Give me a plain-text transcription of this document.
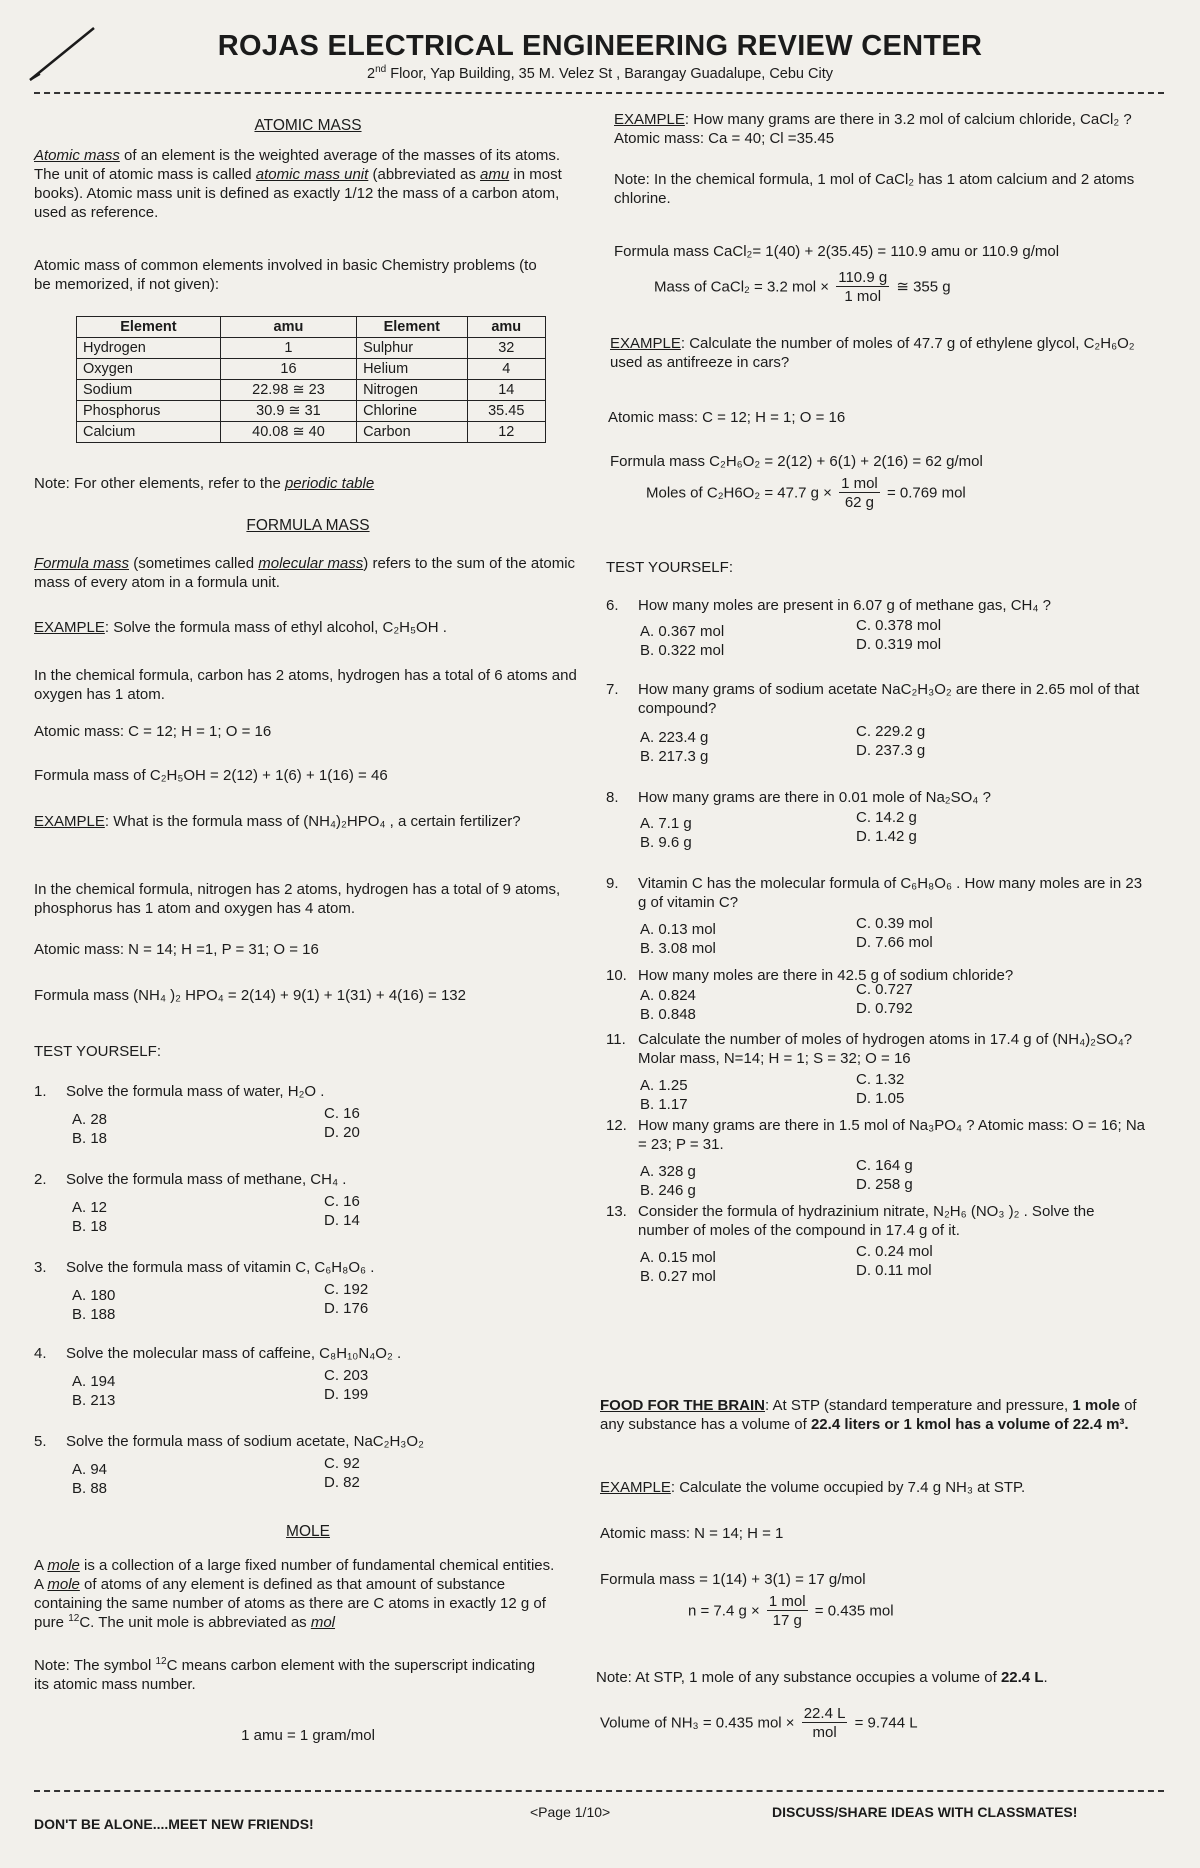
ROJAS ELECTRICAL ENGINEERING REVIEW CENTER
2nd Floor, Yap Building, 35 M. Velez St , Barangay Guadalupe, Cebu City
ATOMIC MASS
Atomic mass of an element is the weighted average of the masses of its atoms. The unit of atomic mass is called atomic mass unit (abbreviated as amu in most books). Atomic mass unit is defined as exactly 1/12 the mass of a carbon atom, used as reference.
Atomic mass of common elements involved in basic Chemistry problems (to be memorized, if not given):
Element	amu	Element	amu
Hydrogen	1	Sulphur	32
Oxygen	16	Helium	4
Sodium	22.98 ≅ 23	Nitrogen	14
Phosphorus	30.9 ≅ 31	Chlorine	35.45
Calcium	40.08 ≅ 40	Carbon	12
Note: For other elements, refer to the periodic table
FORMULA MASS
Formula mass (sometimes called molecular mass) refers to the sum of the atomic mass of every atom in a formula unit.
EXAMPLE: Solve the formula mass of ethyl alcohol, C₂H₅OH .
In the chemical formula, carbon has 2 atoms, hydrogen has a total of 6 atoms and oxygen has 1 atom.
Atomic mass: C = 12; H = 1; O = 16
Formula mass of C₂H₅OH = 2(12) + 1(6) + 1(16) = 46
EXAMPLE: What is the formula mass of (NH₄)₂HPO₄ , a certain fertilizer?
In the chemical formula, nitrogen has 2 atoms, hydrogen has a total of 9 atoms, phosphorus has 1 atom and oxygen has 4 atom.
Atomic mass: N = 14; H =1, P = 31; O = 16
Formula mass (NH₄ )₂ HPO₄ = 2(14) + 9(1) + 1(31) + 4(16) = 132
TEST YOURSELF:
1. Solve the formula mass of water, H₂O .
A. 28
B. 18
C. 16
D. 20
2. Solve the formula mass of methane, CH₄ .
A. 12
B. 18
C. 16
D. 14
3. Solve the formula mass of vitamin C, C₆H₈O₆ .
A. 180
B. 188
C. 192
D. 176
4. Solve the molecular mass of caffeine, C₈H₁₀N₄O₂ .
A. 194
B. 213
C. 203
D. 199
5. Solve the formula mass of sodium acetate, NaC₂H₃O₂
A. 94
B. 88
C. 92
D. 82
MOLE
A mole is a collection of a large fixed number of fundamental chemical entities. A mole of atoms of any element is defined as that amount of substance containing the same number of atoms as there are C atoms in exactly 12 g of pure $^{12}$C. The unit mole is abbreviated as mol
Note: The symbol $^{12}$C means carbon element with the superscript indicating its atomic mass number.
1 amu = 1 gram/mol
EXAMPLE: How many grams are there in 3.2 mol of calcium chloride, CaCl₂ ? Atomic mass: Ca = 40; Cl =35.45
Note: In the chemical formula, 1 mol of CaCl₂ has 1 atom calcium and 2 atoms chlorine.
Formula mass CaCl₂= 1(40) + 2(35.45) = 110.9 amu or 110.9 g/mol
Mass of CaCl₂ = 3.2 mol × $\frac{110.9 g}{\text{1 mol}}$ ≅ 355 g
EXAMPLE: Calculate the number of moles of 47.7 g of ethylene glycol, C₂H₆O₂ used as antifreeze in cars?
Atomic mass: C = 12; H = 1; O = 16
Formula mass C₂H₆O₂ = 2(12) + 6(1) + 2(16) = 62 g/mol
Moles of C₂H6O₂ = 47.7 $g \times \frac{\text{1 mol}}{62 g} = 0.769$ mol
TEST YOURSELF:
6. How many moles are present in 6.07 g of methane gas, CH₄ ?
A. 0.367 mol
B. 0.322 mol
C. 0.378 mol
D. 0.319 mol
7. How many grams of sodium acetate NaC₂H₃O₂ are there in 2.65 mol of that compound?
A. 223.4 g
B. 217.3 g
C. 229.2 g
D. 237.3 g
8. How many grams are there in 0.01 mole of Na₂SO₄ ?
A. 7.1 g
B. 9.6 g
C. 14.2 g
D. 1.42 g
9. Vitamin C has the molecular formula of C₆H₈O₆ . How many moles are in 23 g of vitamin C?
A. 0.13 mol
B. 3.08 mol
C. 0.39 mol
D. 7.66 mol
10. How many moles are there in 42.5 g of sodium chloride?
A. 0.824
B. 0.848
C. 0.727
D. 0.792
11. Calculate the number of moles of hydrogen atoms in 17.4 g of (NH₄)₂SO₄? Molar mass, N=14; H = 1; S = 32; O = 16
A. 1.25
B. 1.17
C. 1.32
D. 1.05
12. How many grams are there in 1.5 mol of Na₃PO₄ ? Atomic mass: O = 16; Na = 23; P = 31.
A. 328 g
B. 246 g
C. 164 g
D. 258 g
13. Consider the formula of hydrazinium nitrate, N₂H₆ (NO₃ )₂ . Solve the number of moles of the compound in 17.4 g of it.
A. 0.15 mol
B. 0.27 mol
C. 0.24 mol
D. 0.11 mol
FOOD FOR THE BRAIN: At STP (standard temperature and pressure, 1 mole of any substance has a volume of 22.4 liters or 1 kmol has a volume of 22.4 m³.
EXAMPLE: Calculate the volume occupied by 7.4 g NH₃ at STP.
Atomic mass: N = 14; H = 1
Formula mass = 1(14) + 3(1) = 17 g/mol
n = 7.4 $g \times \frac{\text{1 mol}}{17 g} = 0.435$ mol
Note: At STP, 1 mole of any substance occupies a volume of 22.4 L.
Volume of NH₃ = 0.435 mol × $\frac{22.4 L}{\text{mol}} = 9.744$ L
DON'T BE ALONE....MEET NEW FRIENDS!
<Page 1/10>	DISCUSS/SHARE IDEAS WITH CLASSMATES!
